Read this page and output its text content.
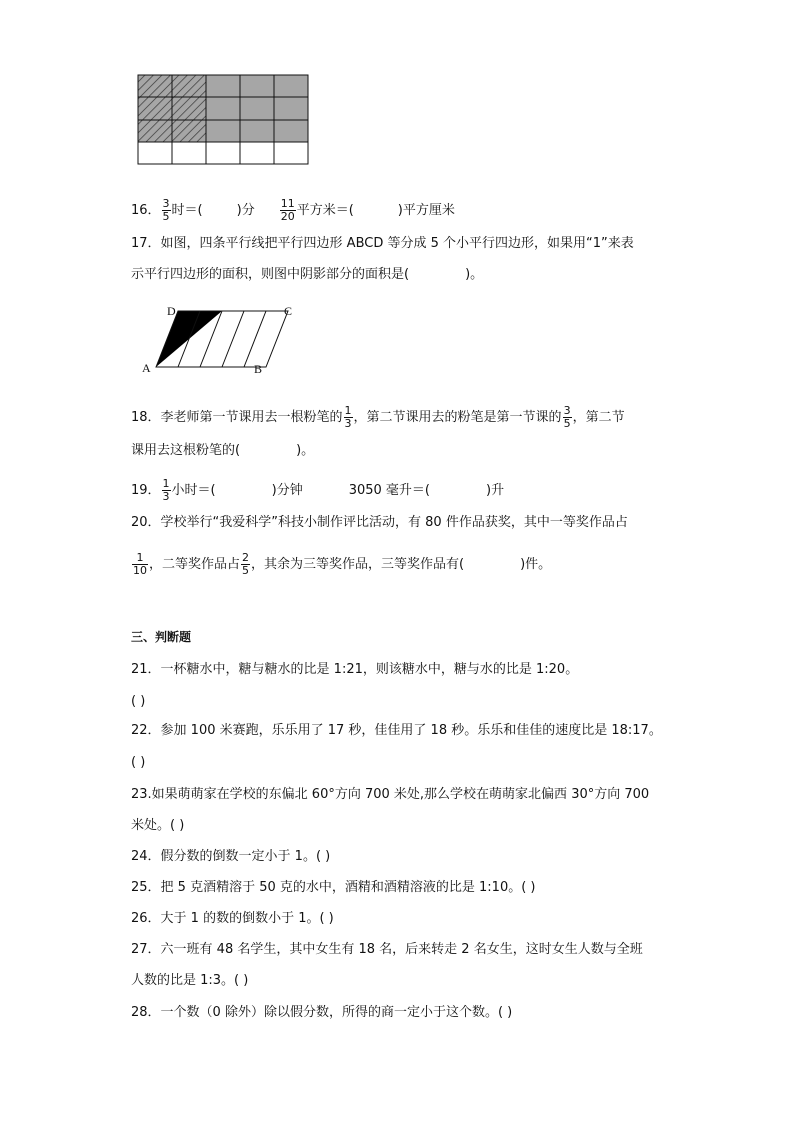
16． $\frac{3}{5}$ 时＝(	)分 $\frac{11}{20}$ 平方米＝(	)平方厘米
17．如图，四条平行线把平行四边形 ABCD 等分成 5 个小平行四边形，如果用“1”来表
示平行四边形的面积，则图中阴影部分的面积是(	)。
A	B
C
D
18．李老师第一节课用去一根粉笔的 $\frac{1}{3}$ ，第二节课用去的粉笔是第一节课的 $\frac{3}{5}$ ，第二节
课用去这根粉笔的(	)。
19． $\frac{1}{3}$ 小时＝(	)分钟	3050 毫升＝(	)升
20．学校举行“我爱科学”科技小制作评比活动，有 80 件作品获奖，其中一等奖作品占
$\frac{1}{10}$ ，二等奖作品占 $\frac{2}{5}$ ，其余为三等奖作品，三等奖作品有(	)件。
三、判断题
21．一杯糖水中，糖与糖水的比是 1:21，则该糖水中，糖与水的比是 1:20。
( )
22．参加 100 米赛跑，乐乐用了 17 秒，佳佳用了 18 秒。乐乐和佳佳的速度比是 18:17。
( )
23.如果萌萌家在学校的东偏北 60°方向 700 米处,那么学校在萌萌家北偏西 30°方向 700
米处。( )
24．假分数的倒数一定小于 1。( )
25．把 5 克酒精溶于 50 克的水中，酒精和酒精溶液的比是 1:10。( )
26．大于 1 的数的倒数小于 1。( )
27．六一班有 48 名学生，其中女生有 18 名，后来转走 2 名女生，这时女生人数与全班
人数的比是 1:3。( )
28．一个数（0 除外）除以假分数，所得的商一定小于这个数。( )
